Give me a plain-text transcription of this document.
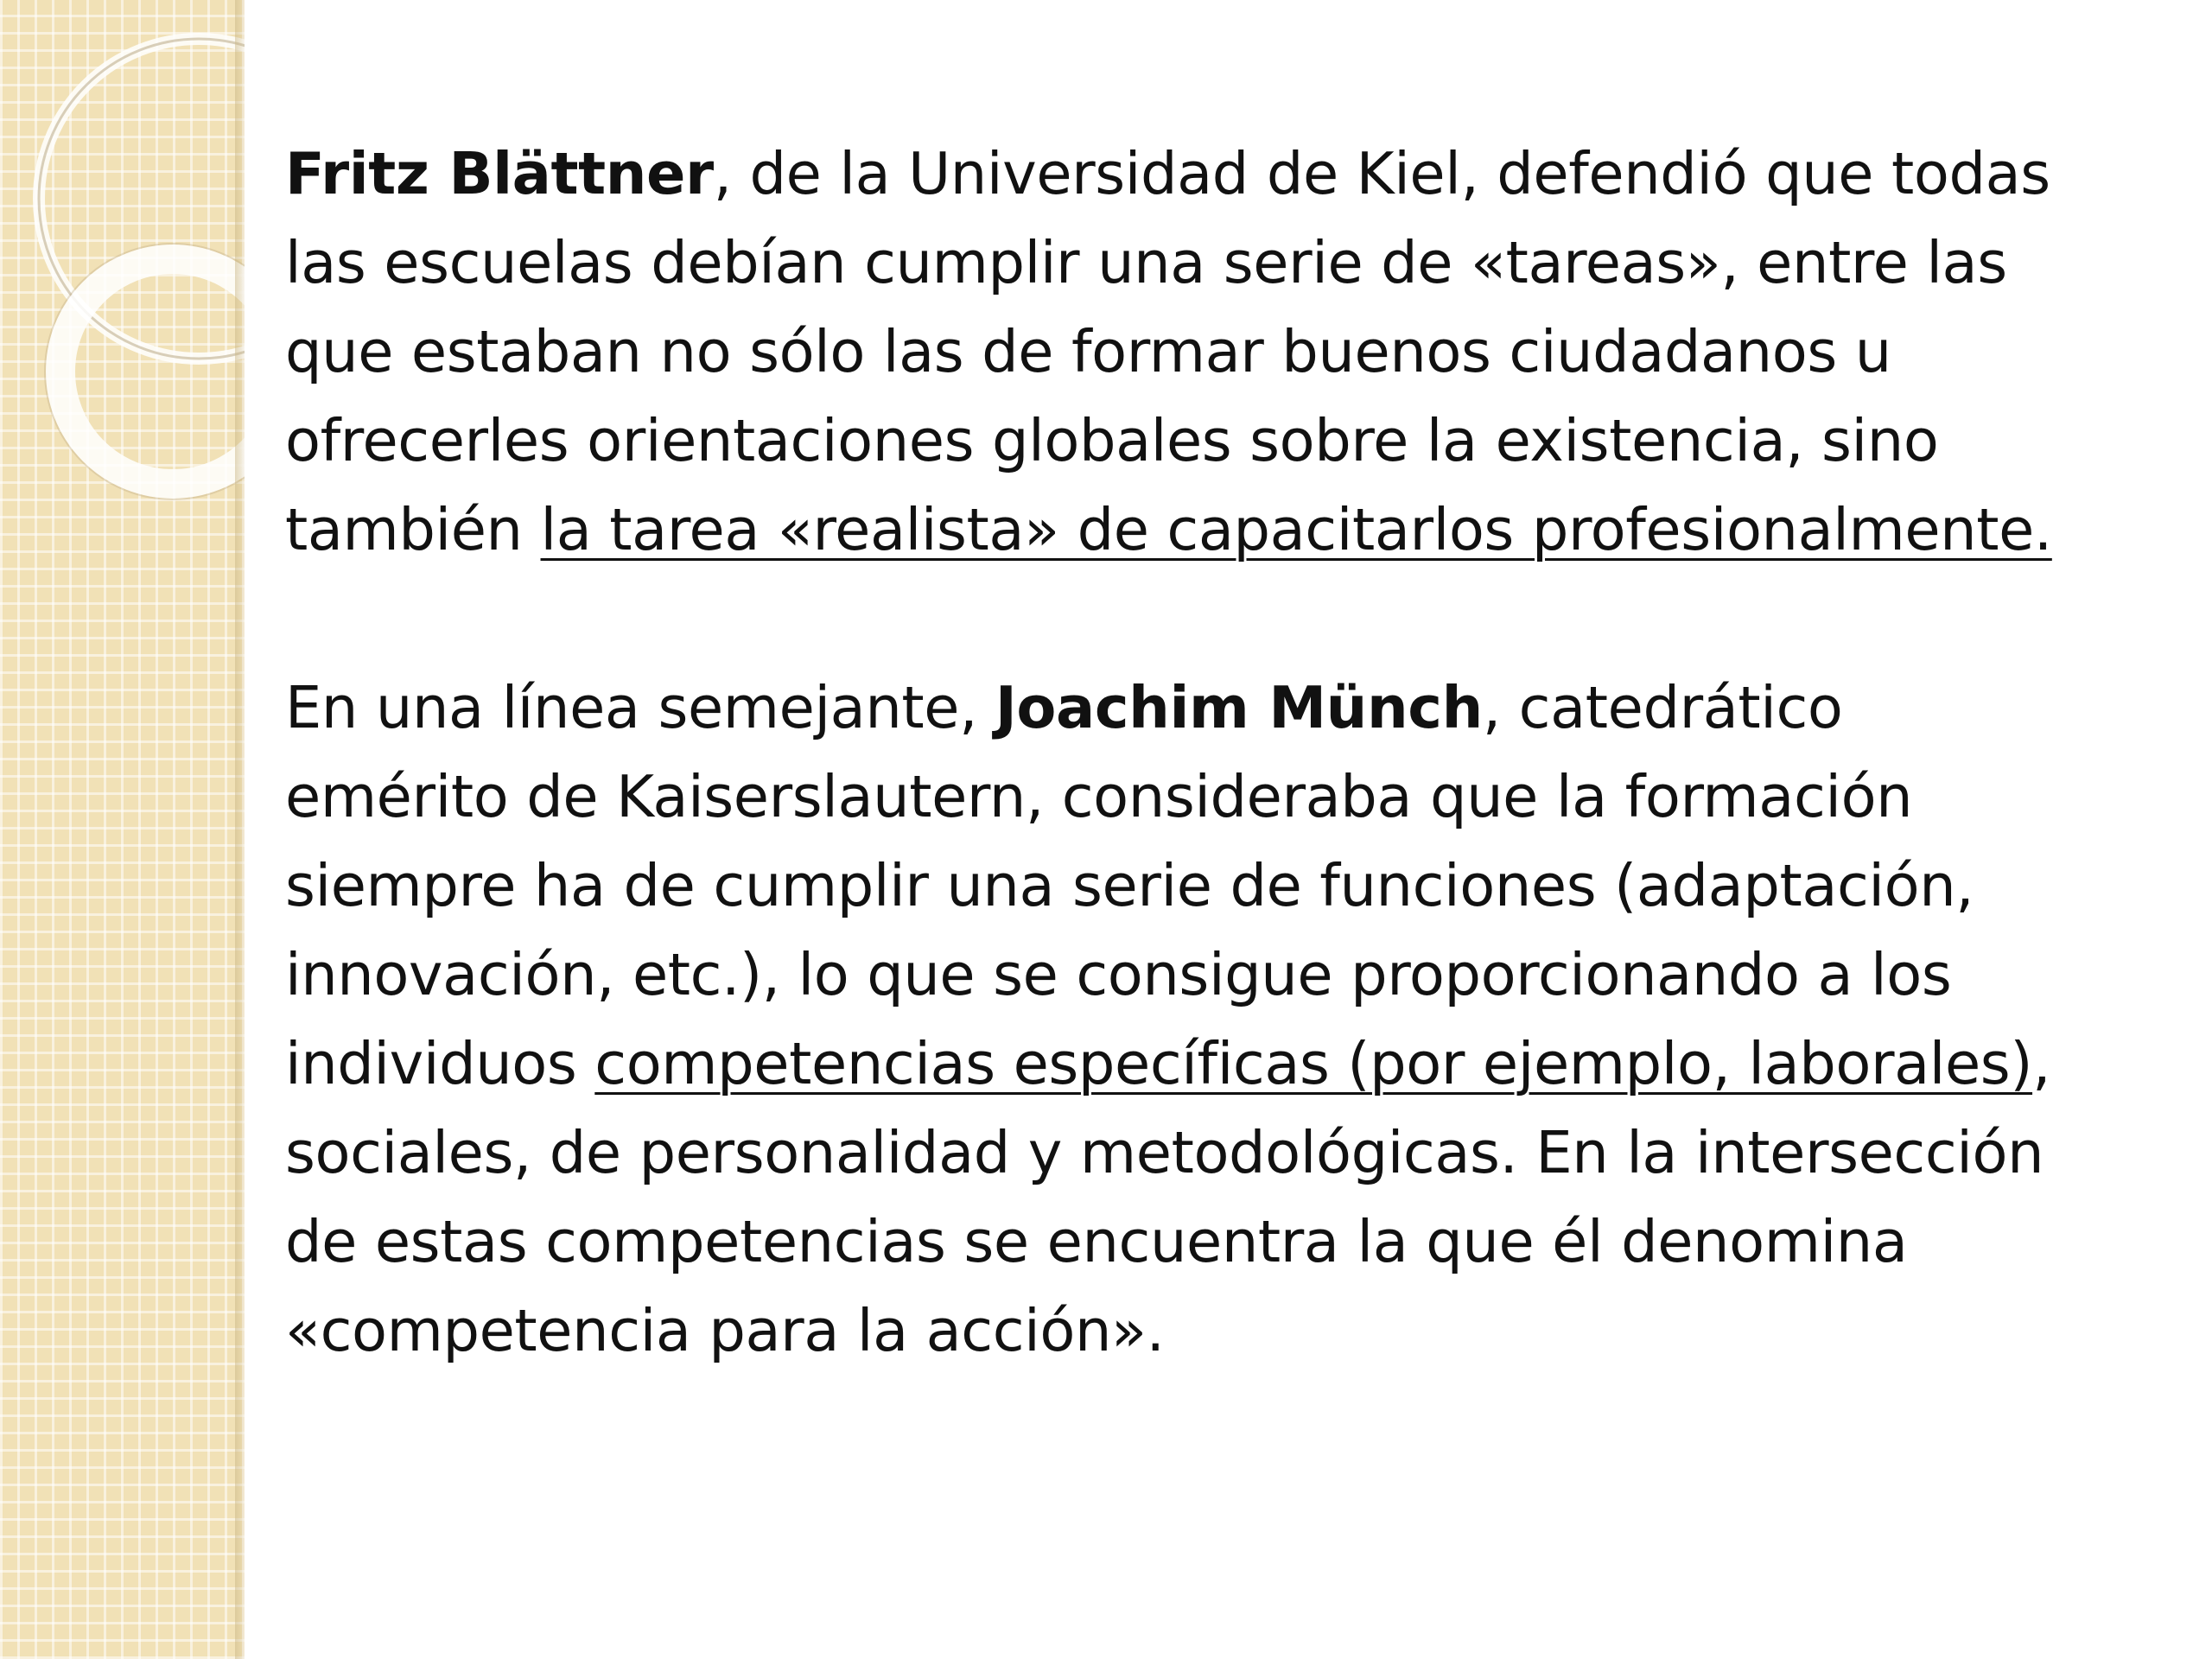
Fritz Blättner, de la Universidad de Kiel, defendió que todas las escuelas debían cumplir una serie de «tareas», entre las que estaban no sólo las de formar buenos ciudadanos u ofrecerles orientaciones globales sobre la existencia, sino también la tarea «realista» de capacitarlos profesionalmente.

En una línea semejante, Joachim Münch, catedrático emérito de Kaiserslautern, consideraba que la formación siempre ha de cumplir una serie de funciones (adaptación, innovación, etc.), lo que se consigue proporcionando a los individuos competencias específicas (por ejemplo, laborales), sociales, de personalidad y metodológicas. En la intersección de estas competencias se encuentra la que él denomina «competencia para la acción».
